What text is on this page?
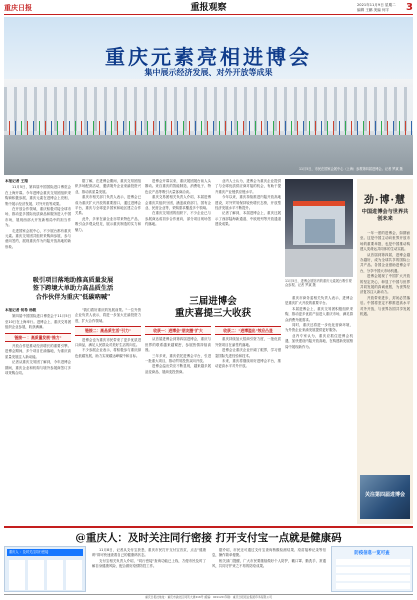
重庆日报	重报观察	2021年11月9日 星期二
编辑 王鹏 美编 何宇	3
重庆元素亮相进博会
集中展示经济发展、对外开放等成果
11月5日，市民在国家会展中心（上海）参观第四届进博会。记者 罗斌 摄
本报记者 王翔

11月5日，第四届中国国际进口博览会在上海开幕。今年进博会重庆交易团组织采购商积极参展，重庆元素在进博会上亮相，集中展示经济发展、对外开放等成果。

在开放合作领域，重庆积极对接全球市场，推动更多国际优质商品和服务进入中国市场，展现西部大开发新格局中的担当作为。

走进国家会展中心，不少展台都有重庆元素。重庆交易团共组织采购商参展，参与意向签约，展现重庆作为内陆开放高地的新形象。

据了解，在进博会期间，重庆交易团组织多场配套活动，邀请境外企业来渝投资兴业，推动高质量发展。

重庆市相关部门负责人表示，进博会已成为重庆扩大开放的重要窗口，通过进博会平台，重庆与全球更多国家和地区建立合作关系。

此外，多家在渝企业亦带来特色产品，吸引众多观众驻足，展示重庆制造的实力和魅力。

进博会开幕以来，重庆展团展台前人头攒动。来自重庆的智能制造、消费电子、特色农产品等吸引大量客商洽谈。

重庆交易团相关负责人介绍，本届进博会重庆共组织分团，涵盖政府部门、国有企业、民营企业等，采购需求覆盖多个领域。

在重庆交易团的组织下，不少企业已与参展商达成初步合作意向，部分项目现场签约落地。

业内人士认为，进博会为重庆企业提供了与全球优质供应商对接的机会，有助于提升重庆产业链供应链水平。

今年以来，重庆持续推进内陆开放高地建设，对外贸易保持较快增长态势，开放型经济发展水平不断提升。

记者了解到，本届进博会上，重庆还展示了西部陆海新通道、中欧班列等开放通道建设成果。

11月5日，进博会展馆内的重庆元素展台吸引观众参观。记者 罗斌 摄
劲·博·慧
中国进博会与世界共创未来

一年一度的进博会，如期而至。这是中国主动向世界开放市场的重要举措，也是中国推动构建人类命运共同体的生动实践。

从首届到第四届，进博会越办越好，成为全球共享的国际公共产品。各国企业借助进博会平台，分享中国大市场机遇。

进博会展现了中国扩大开放的坚定决心，彰显了中国与世界共同发展的真诚意愿，为世界经济复苏注入新动力。

开放带来进步，封闭必然落后。中国将坚定不移推进高水平对外开放，与世界各国共享发展机遇。

关注第四届进博会
吸引项目落地助推高质量发展
签下跨境大单助力高品质生活
合作伙伴为重庆"低碳吶喊"
本报记者 何希 杨骏

第四届中国国际进口博览会于11月5日至10日在上海举行。进博会上，重庆交易团组织企业参展，收获满满。

链接一 ：高质量发展"推力"

开放合作是推动经济增长的重要引擎。进博会期间，多个项目在渝落地，为重庆高质量发展注入新动能。

记者从重庆交易团了解到，今年进博会期间，重庆企业和机构与境外参展商签订多项采购合同。

"我们看好重庆的发展前景。"一位外资企业负责人表示，将进一步加大在渝投资力度，扩大合作领域。

链接二：高品质生活"引力"

进博会也为重庆市民带来了更多优质进口商品，满足人民群众对美好生活的向往。

不少参展企业表示，将积极参与重庆绿色低碳发展，助力实现碳达峰碳中和目标。

三届进博会
重庆喜提三大收获
收获一：进博会"朋友圈"扩大

从首届进博会到第四届进博会，重庆与世界的联系越来越紧密，参展热情持续高涨。

三年多来，重庆依托进博会平台，引进一批重大项目，推动贸易投资双向开放。

进博会溢出效应不断显现，越来越多展品变商品、展商变投资商。

收获二："进博溢出"效应凸显

重庆持续加大招商引资力度，一批优质外资项目在渝签约落地。

进博会让重庆企业开阔了眼界，学习借鉴国际先进经验和技术。

未来，重庆将继续用好进博会平台，推动更高水平对外开放。

重庆市商务委相关负责人表示，进博会是重庆扩大开放的重要平台。

本届进博会上，重庆交易团积极组织采购，推动更多优质产品进入重庆市场，满足群众消费升级需求。

同时，重庆还将进一步优化营商环境，为外资企业来渝发展提供更好服务。

业内专家认为，重庆应抓住进博会机遇，加快建设内陆开放高地，在构建新发展格局中展现新作为。

@重庆人：及时关注同行密接 打开支付宝一点就是健康码
重庆人 ：及时关注同行密接	11月8日，记者从支付宝获悉，重庆市民打开支付宝首页，点击"健康码"即可快速查看自己的健康码状态。

支付宝相关负责人介绍，"同行密接"查询功能已上线，方便市民及时了解自身健康风险，配合做好疫情防控工作。

据介绍，市民还可通过支付宝查询核酸检测结果、疫苗接种记录等信息，操作简单便捷。

相关部门提醒，广大市民要继续做好个人防护，戴口罩、勤洗手、常通风，共同守护来之不易的防疫成果。

防疫信息一览可查
重庆日报社地址：重庆市渝北区同茂大道416号 邮编：401120 印刷：重庆日报报业集团印务有限公司
